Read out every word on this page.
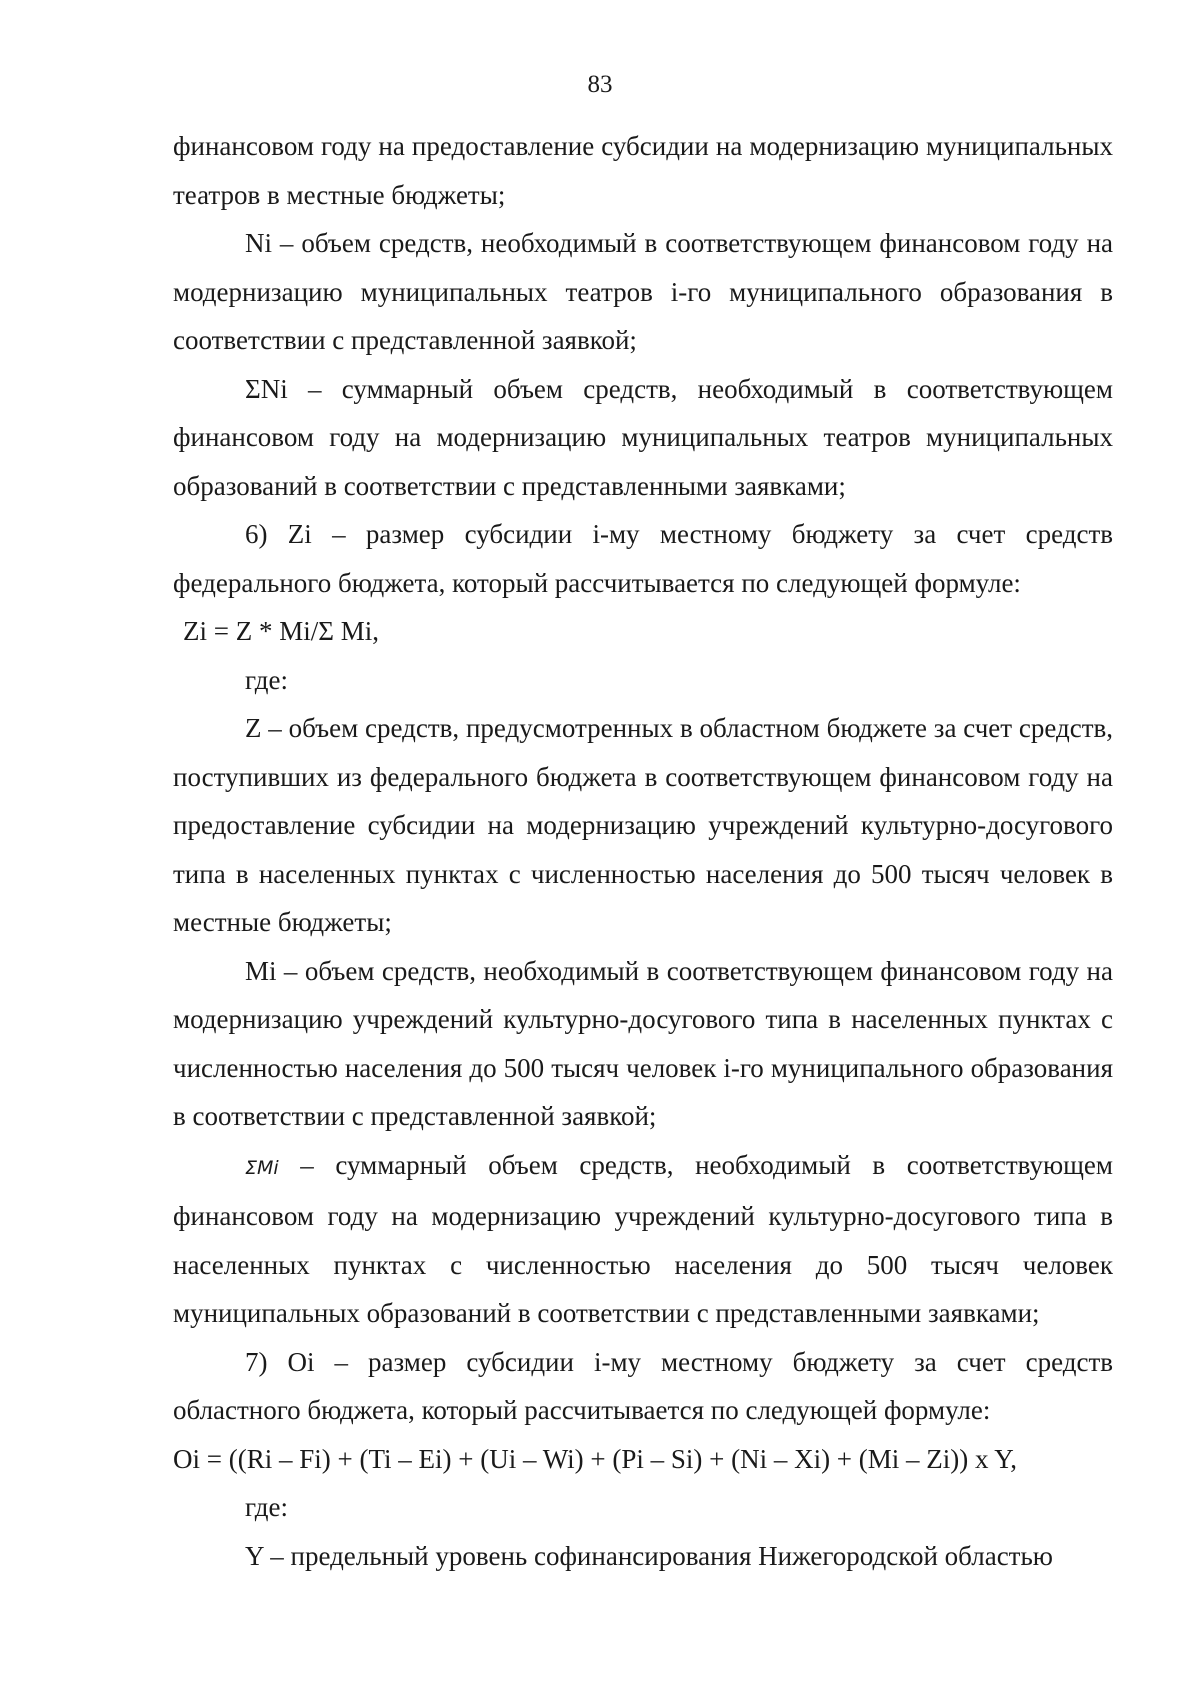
83

финансовом году на предоставление субсидии на модернизацию муниципальных театров в местные бюджеты;

Ni – объем средств, необходимый в соответствующем финансовом году на модернизацию муниципальных театров i-го муниципального образования в соответствии с представленной заявкой;

ΣNi – суммарный объем средств, необходимый в соответствующем финансовом году на модернизацию муниципальных театров муниципальных образований в соответствии с представленными заявками;

6) Zi – размер субсидии i-му местному бюджету за счет средств федерального бюджета, который рассчитывается по следующей формуле:

Zi = Z * Mi/Σ Mi,

где:

Z – объем средств, предусмотренных в областном бюджете за счет средств, поступивших из федерального бюджета в соответствующем финансовом году на предоставление субсидии на модернизацию учреждений культурно-досугового типа в населенных пунктах с численностью населения до 500 тысяч человек в местные бюджеты;

Mi – объем средств, необходимый в соответствующем финансовом году на модернизацию учреждений культурно-досугового типа в населенных пунктах с численностью населения до 500 тысяч человек i-го муниципального образования в соответствии с представленной заявкой;

ΣMi – суммарный объем средств, необходимый в соответствующем финансовом году на модернизацию учреждений культурно-досугового типа в населенных пунктах с численностью населения до 500 тысяч человек муниципальных образований в соответствии с представленными заявками;

7) Oi – размер субсидии i-му местному бюджету за счет средств областного бюджета, который рассчитывается по следующей формуле:

Oi = ((Ri – Fi) + (Ti – Ei) + (Ui – Wi) + (Pi – Si) + (Ni – Xi) + (Mi – Zi)) x Y,

где:

Y – предельный уровень софинансирования Нижегородской областью
